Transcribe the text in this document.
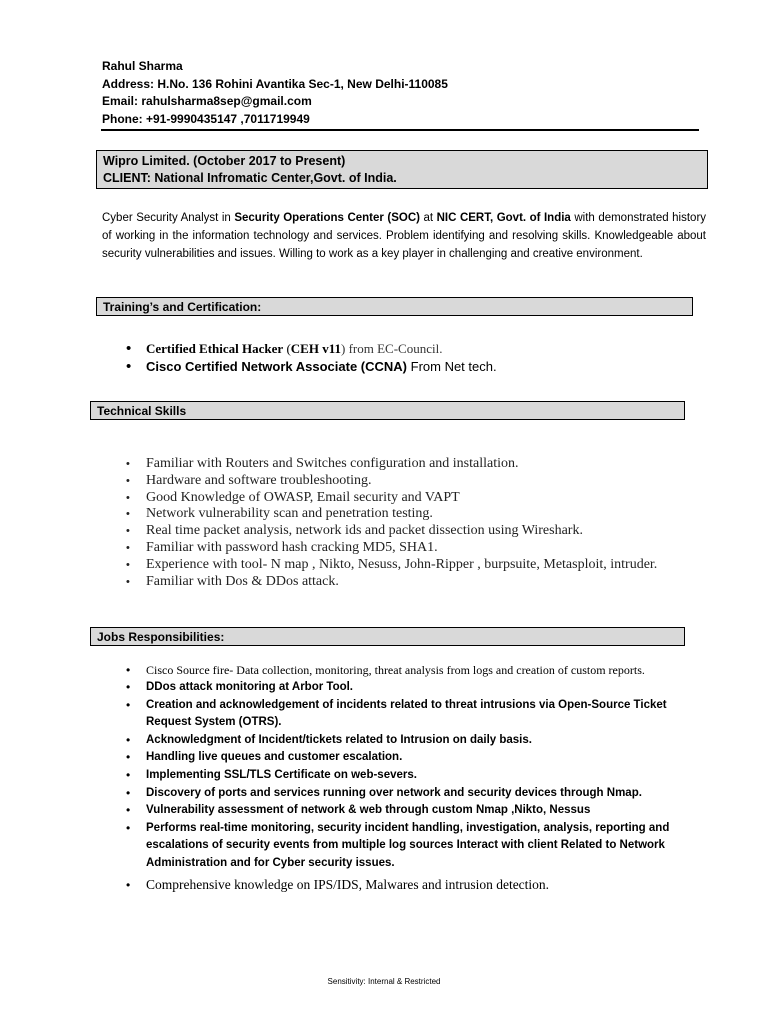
Rahul Sharma
Address: H.No. 136 Rohini Avantika Sec-1, New Delhi-110085
Email: rahulsharma8sep@gmail.com
Phone: +91-9990435147 ,7011719949
Wipro Limited. (October 2017 to Present)
CLIENT: National Infromatic Center,Govt. of India.
Cyber Security Analyst in Security Operations Center (SOC) at NIC CERT, Govt. of India with demonstrated history of working in the information technology and services. Problem identifying and resolving skills. Knowledgeable about security vulnerabilities and issues. Willing to work as a key player in challenging and creative environment.
Training’s and Certification:
• Certified Ethical Hacker (CEH v11) from EC-Council.
• Cisco Certified Network Associate (CCNA) From Net tech.
Technical Skills
• Familiar with Routers and Switches configuration and installation.
• Hardware and software troubleshooting.
• Good Knowledge of OWASP, Email security and VAPT
• Network vulnerability scan and penetration testing.
• Real time packet analysis, network ids and packet dissection using Wireshark.
• Familiar with password hash cracking MD5, SHA1.
• Experience with tool- N map , Nikto, Nesuss, John-Ripper , burpsuite, Metasploit, intruder.
• Familiar with Dos & DDos attack.
Jobs Responsibilities:
• Cisco Source fire- Data collection, monitoring, threat analysis from logs and creation of custom reports.
• DDos attack monitoring at Arbor Tool.
• Creation and acknowledgement of incidents related to threat intrusions via Open-Source Ticket Request System (OTRS).
• Acknowledgment of Incident/tickets related to Intrusion on daily basis.
• Handling live queues and customer escalation.
• Implementing SSL/TLS Certificate on web-severs.
• Discovery of ports and services running over network and security devices through Nmap.
• Vulnerability assessment of network & web through custom Nmap ,Nikto, Nessus
• Performs real-time monitoring, security incident handling, investigation, analysis, reporting and escalations of security events from multiple log sources Interact with client Related to Network Administration and for Cyber security issues.
• Comprehensive knowledge on IPS/IDS, Malwares and intrusion detection.
Sensitivity: Internal & Restricted
